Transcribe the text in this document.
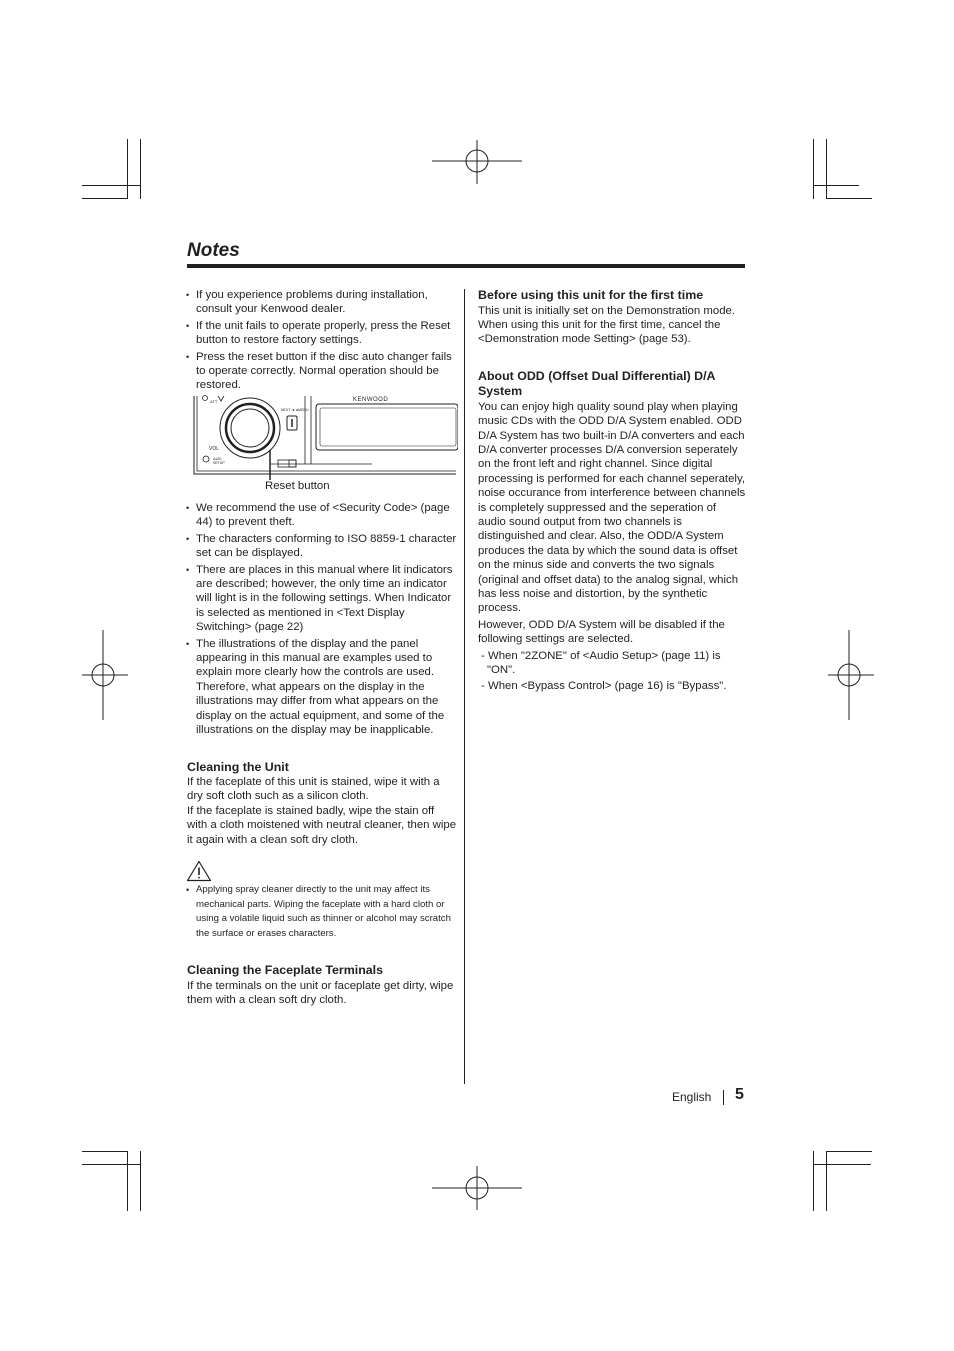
Notes
• If you experience problems during installation, consult your Kenwood dealer.
• If the unit fails to operate properly, press the Reset button to restore factory settings.
• Press the reset button if the disc auto changer fails to operate correctly. Normal operation should be restored.
ATT
VOL
AUD
SETUP
NEXT ◄◄MENU
KENWOOD
Reset button
• We recommend the use of <Security Code> (page 44) to prevent theft.
• The characters conforming to ISO 8859-1 character set can be displayed.
• There are places in this manual where lit indicators are described; however, the only time an indicator will light is in the following settings. When Indicator is selected as mentioned in <Text Display Switching> (page 22)
• The illustrations of the display and the panel appearing in this manual are examples used to explain more clearly how the controls are used. Therefore, what appears on the display in the illustrations may differ from what appears on the display on the actual equipment, and some of the illustrations on the display may be inapplicable.
Cleaning the Unit

If the faceplate of this unit is stained, wipe it with a dry soft cloth such as a silicon cloth.
If the faceplate is stained badly, wipe the stain off with a cloth moistened with neutral cleaner, then wipe it again with a clean soft dry cloth.

• Applying spray cleaner directly to the unit may affect its mechanical parts. Wiping the faceplate with a hard cloth or using a volatile liquid such as thinner or alcohol may scratch the surface or erases characters.
Cleaning the Faceplate Terminals

If the terminals on the unit or faceplate get dirty, wipe them with a clean soft dry cloth.

Before using this unit for the first time

This unit is initially set on the Demonstration mode. When using this unit for the first time, cancel the <Demonstration mode Setting> (page 53).

About ODD (Offset Dual Differential) D/A System

You can enjoy high quality sound play when playing music CDs with the ODD D/A System enabled. ODD D/A System has two built-in D/A converters and each D/A converter processes D/A conversion seperately on the front left and right channel. Since digital processing is performed for each channel seperately, noise occurance from interference between channels is completely suppressed and the seperation of audio sound output from two channels is distinguished and clear. Also, the ODD/A System produces the data by which the sound data is offset on the minus side and converts the two signals (original and offset data) to the analog signal, which has less noise and distortion, by the synthetic process.

However, ODD D/A System will be disabled if the following settings are selected.

- When "2ZONE" of <Audio Setup> (page 11) is "ON".

- When <Bypass Control> (page 16) is "Bypass".

English 5
